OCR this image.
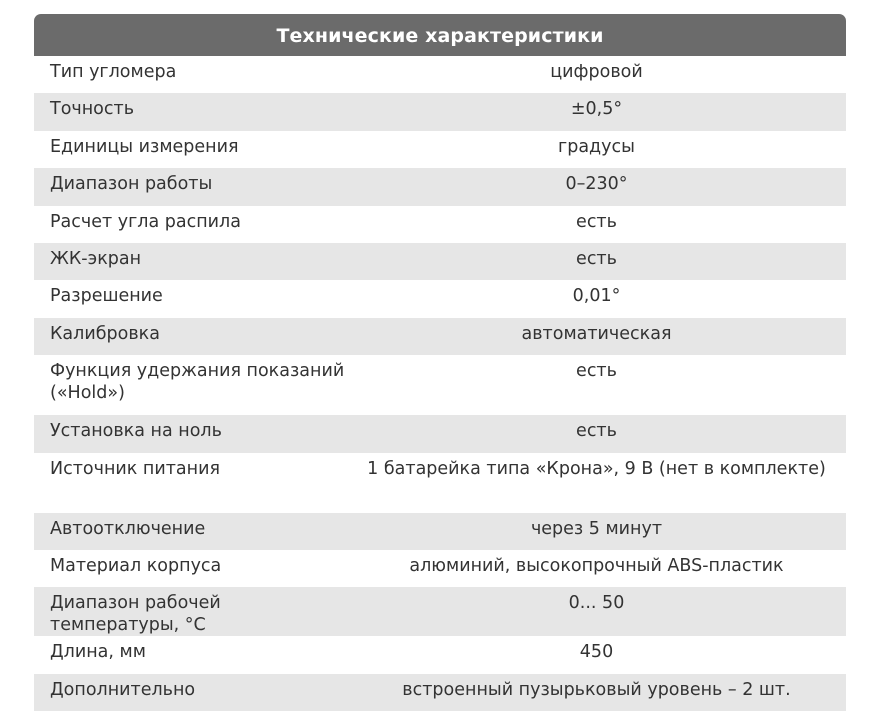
Технические характеристики
Тип угломера	цифровой
Точность	±0,5°
Единицы измерения	градусы
Диапазон работы	0–230°
Расчет угла распила	есть
ЖК-экран	есть
Разрешение	0,01°
Калибровка	автоматическая
Функция удержания показаний («Hold»)	есть
Установка на ноль	есть
Источник питания	1 батарейка типа «Крона», 9 В (нет в комплекте)
Автоотключение	через 5 минут
Материал корпуса	алюминий, высокопрочный ABS-пластик
Диапазон рабочей температуры, °С	0... 50
Длина, мм	450
Дополнительно	встроенный пузырьковый уровень – 2 шт.
